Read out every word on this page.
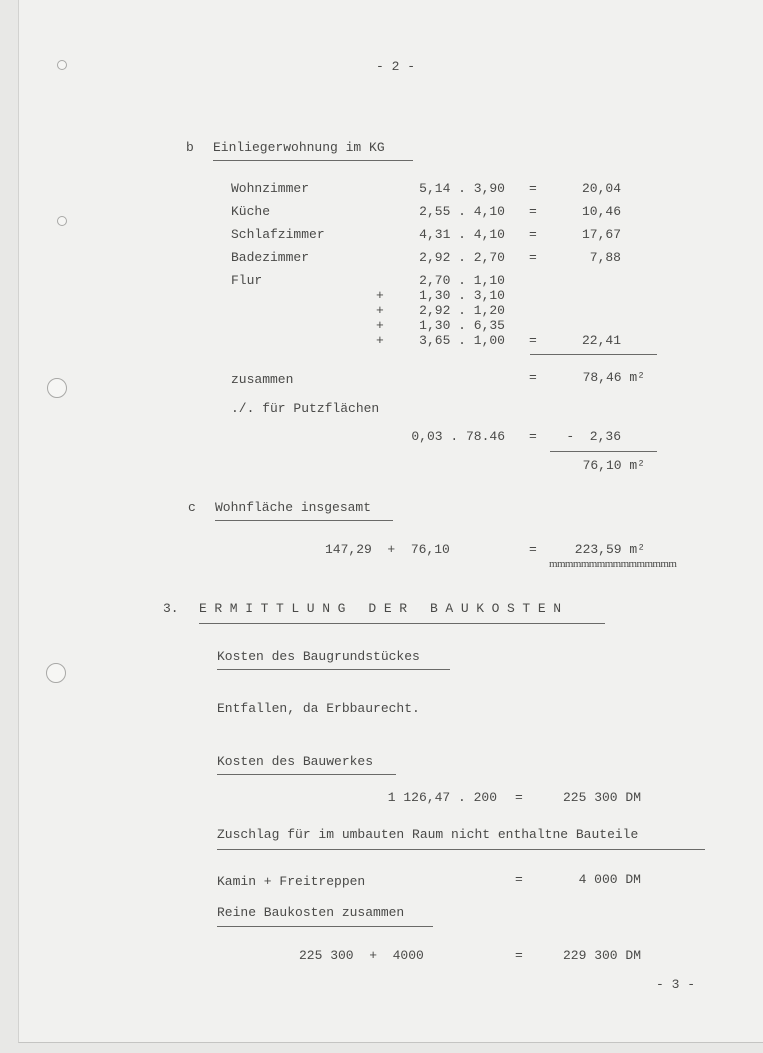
- 2 -
b Einliegerwohnung im KG
Wohnzimmer	5,14 . 3,90 =	20,04
Küche	2,55 . 4,10 =	10,46
Schlafzimmer	4,31 . 4,10 =	17,67
Badezimmer	2,92 . 2,70 =	7,88
Flur	2,70 . 1,10
+	1,30 . 3,10
+	2,92 . 1,20
+	1,30 . 6,35
+	3,65 . 1,00 =	22,41
zusammen	=	78,46 m²
./. für Putzflächen
0,03 . 78.46 =	-  2,36
76,10 m²
c Wohnfläche insgesamt
147,29  +  76,10	=	223,59 m²
mmmmmmmmmmmmmmmm
3. ERMITTLUNG DER BAUKOSTEN
Kosten des Baugrundstückes
Entfallen, da Erbbaurecht.
Kosten des Bauwerkes
1 126,47 . 200 =	225 300 DM
Zuschlag für im umbauten Raum nicht enthaltne Bauteile
Kamin + Freitreppen	=	4 000 DM
Reine Baukosten zusammen
225 300  +  4000	=	229 300 DM
- 3 -
